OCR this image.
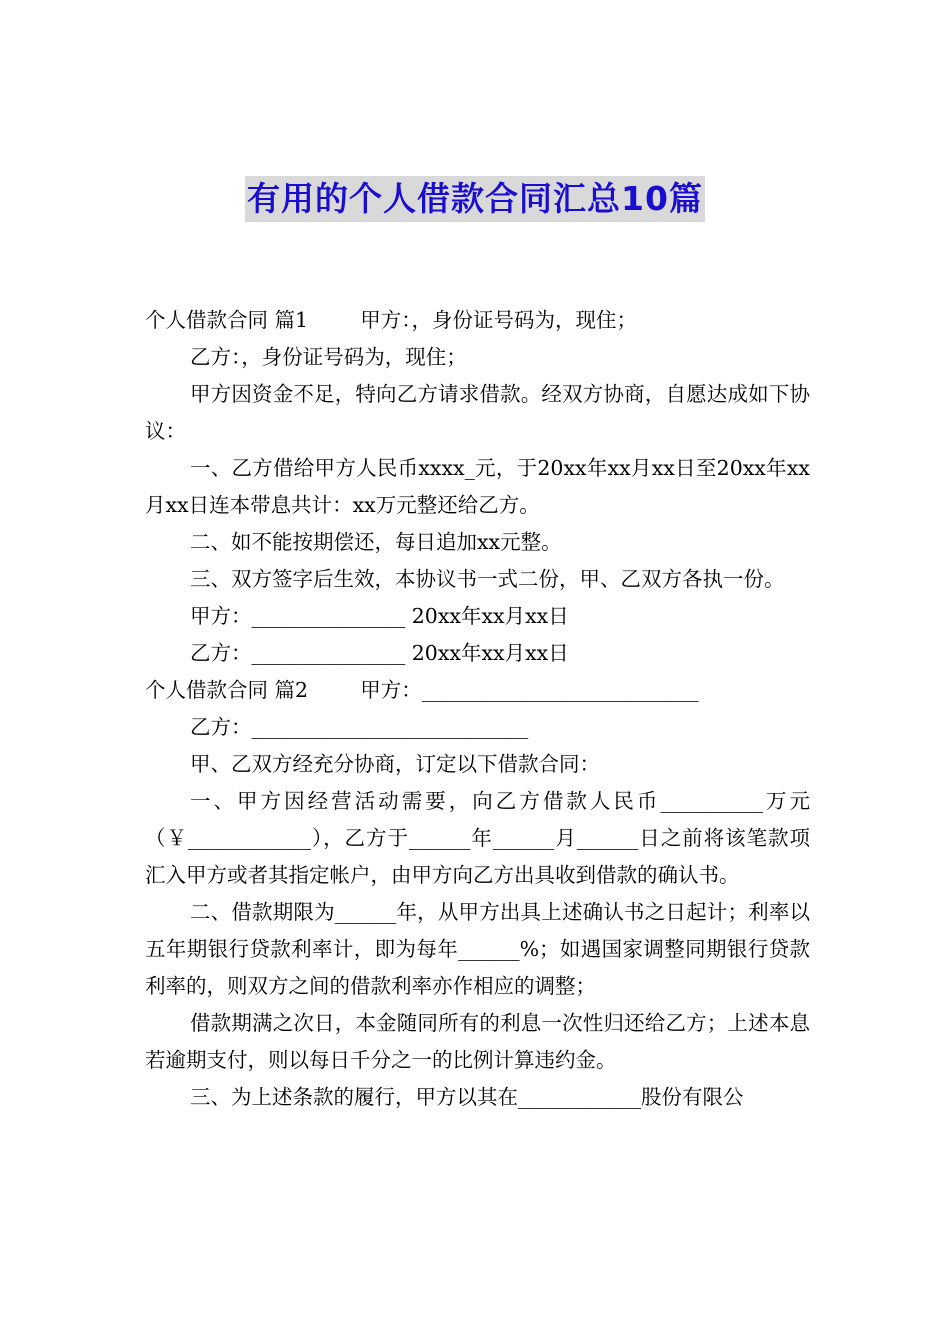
有用的个人借款合同汇总10篇

个人借款合同 篇1        甲方：，身份证号码为，现住；

乙方：，身份证号码为，现住；

甲方因资金不足，特向乙方请求借款。经双方协商，自愿达成如下协议：

一、乙方借给甲方人民币xxxx_元，于20xx年xx月xx日至20xx年xx月xx日连本带息共计：xx万元整还给乙方。

二、如不能按期偿还，每日追加xx元整。

三、双方签字后生效，本协议书一式二份，甲、乙双方各执一份。

甲方：_______________ 20xx年xx月xx日

乙方：_______________ 20xx年xx月xx日

个人借款合同 篇2        甲方：___________________________

乙方：___________________________

甲、乙双方经充分协商，订定以下借款合同：

一、甲方因经营活动需要，向乙方借款人民币__________万元（￥____________），乙方于______年______月______日之前将该笔款项汇入甲方或者其指定帐户，由甲方向乙方出具收到借款的确认书。

二、借款期限为______年，从甲方出具上述确认书之日起计；利率以五年期银行贷款利率计，即为每年______%；如遇国家调整同期银行贷款利率的，则双方之间的借款利率亦作相应的调整；

借款期满之次日，本金随同所有的利息一次性归还给乙方；上述本息若逾期支付，则以每日千分之一的比例计算违约金。

三、为上述条款的履行，甲方以其在____________股份有限公
